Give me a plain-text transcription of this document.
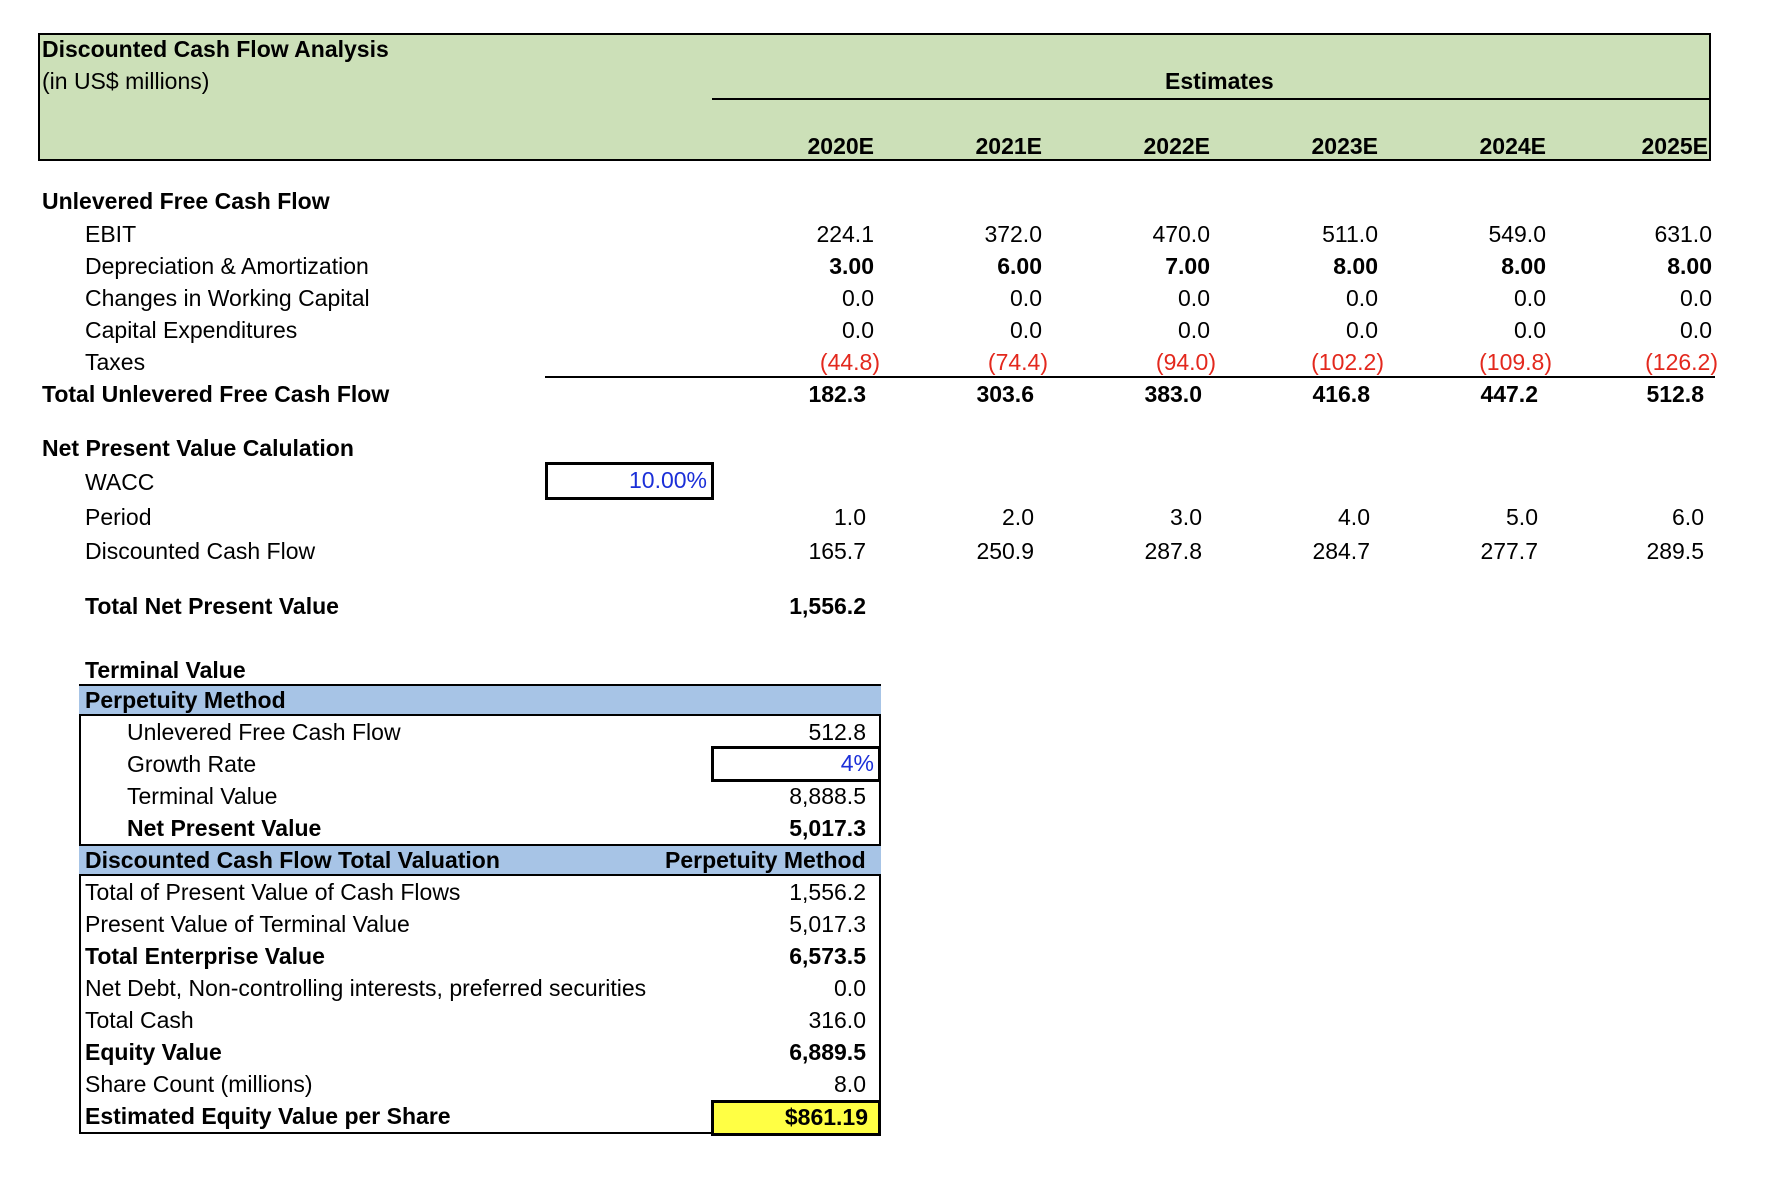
Discounted Cash Flow Analysis
(in US$ millions)	Estimates
2020E	2021E	2022E	2023E	2024E	2025E
Unlevered Free Cash Flow
EBIT	224.1	372.0	470.0	511.0	549.0	631.0
Depreciation & Amortization	3.00	6.00	7.00	8.00	8.00	8.00
Changes in Working Capital	0.0	0.0	0.0	0.0	0.0	0.0
Capital Expenditures	0.0	0.0	0.0	0.0	0.0	0.0
Taxes	(44.8)	(74.4)	(94.0)	(102.2)	(109.8)	(126.2)
Total Unlevered Free Cash Flow	182.3	303.6	383.0	416.8	447.2	512.8
Net Present Value Calulation
WACC	10.00%
Period	1.0	2.0	3.0	4.0	5.0	6.0
Discounted Cash Flow	165.7	250.9	287.8	284.7	277.7	289.5
Total Net Present Value	1,556.2
Terminal Value
Perpetuity Method
Unlevered Free Cash Flow	512.8
Growth Rate	4%
Terminal Value	8,888.5
Net Present Value	5,017.3
Discounted Cash Flow Total Valuation	Perpetuity Method
Total of Present Value of Cash Flows	1,556.2
Present Value of Terminal Value	5,017.3
Total Enterprise Value	6,573.5
Net Debt, Non-controlling interests, preferred securities	0.0
Total Cash	316.0
Equity Value	6,889.5
Share Count (millions)	8.0
Estimated Equity Value per Share	$861.19
